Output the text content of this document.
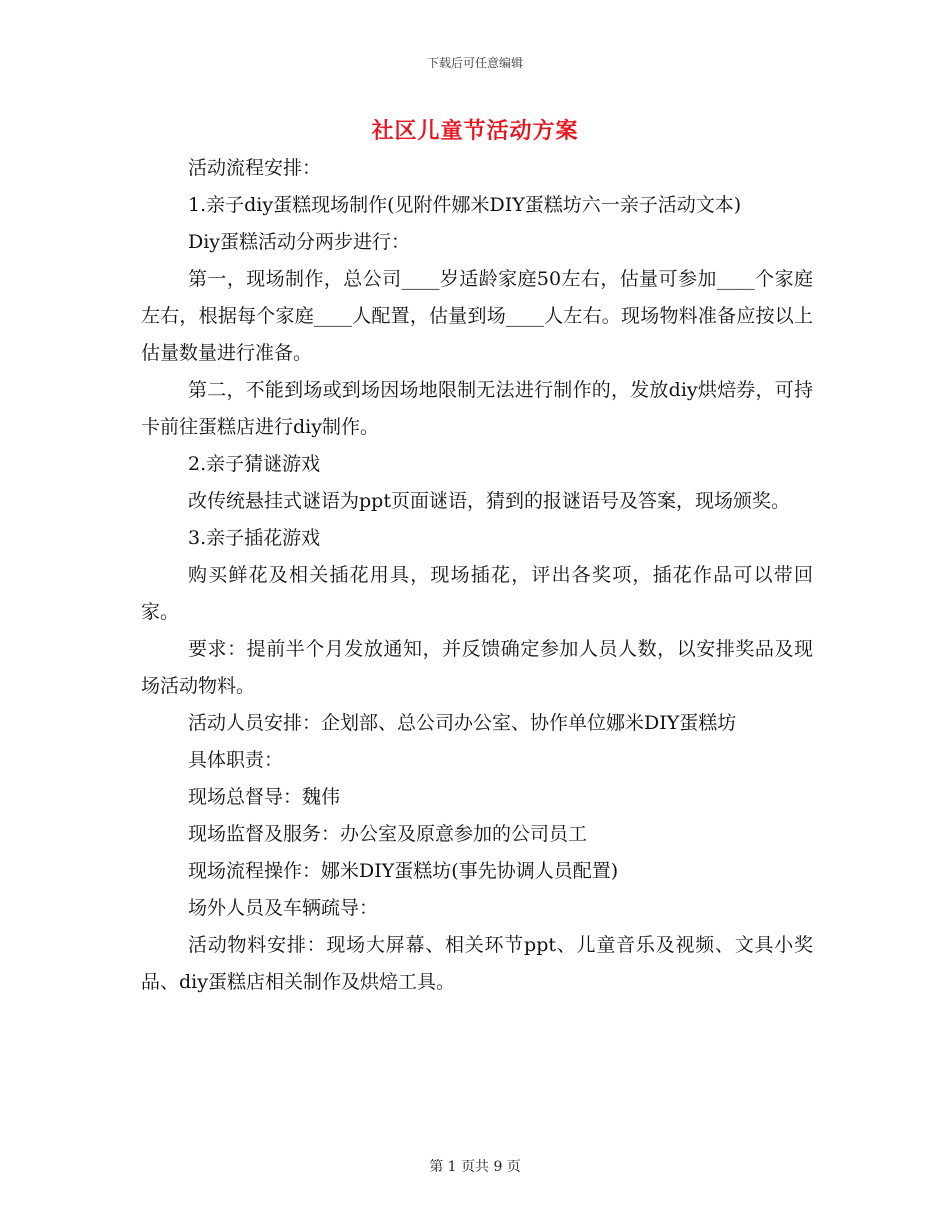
下载后可任意编辑
社区儿童节活动方案

活动流程安排：

1.亲子diy蛋糕现场制作(见附件娜米DIY蛋糕坊六一亲子活动文本)

Diy蛋糕活动分两步进行：

第一，现场制作，总公司____岁适龄家庭50左右，估量可参加____个家庭左右，根据每个家庭____人配置，估量到场____人左右。现场物料准备应按以上估量数量进行准备。

第二，不能到场或到场因场地限制无法进行制作的，发放diy烘焙券，可持卡前往蛋糕店进行diy制作。

2.亲子猜谜游戏

改传统悬挂式谜语为ppt页面谜语，猜到的报谜语号及答案，现场颁奖。

3.亲子插花游戏

购买鲜花及相关插花用具，现场插花，评出各奖项，插花作品可以带回家。

要求：提前半个月发放通知，并反馈确定参加人员人数，以安排奖品及现场活动物料。

活动人员安排：企划部、总公司办公室、协作单位娜米DIY蛋糕坊

具体职责：

现场总督导：魏伟

现场监督及服务：办公室及原意参加的公司员工

现场流程操作：娜米DIY蛋糕坊(事先协调人员配置)

场外人员及车辆疏导：

活动物料安排：现场大屏幕、相关环节ppt、儿童音乐及视频、文具小奖品、diy蛋糕店相关制作及烘焙工具。

第 1 页共 9 页
